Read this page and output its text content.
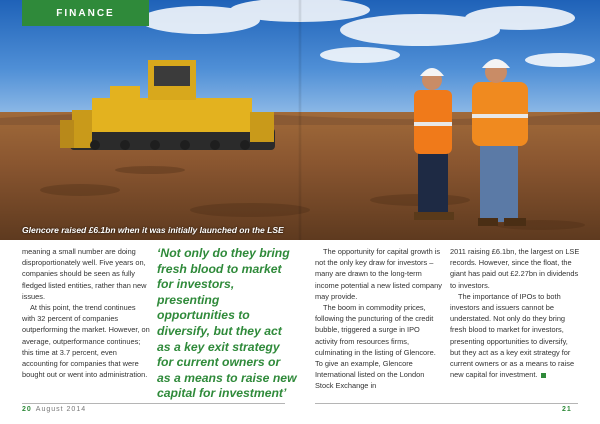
FINANCE
Glencore raised £6.1bn when it was initially launched on the LSE

meaning a small number are doing disproportionately well. Five years on, companies should be seen as fully fledged listed entities, rather than new issues.

At this point, the trend continues with 32 percent of companies outperforming the market. However, on average, outperformance continues; this time at 3.7 percent, even accounting for companies that were bought out or went into administration.

‘Not only do they bring fresh blood to market for investors, presenting opportunities to diversify, but they act as a key exit strategy for current owners or as a means to raise new capital for investment’

The opportunity for capital growth is not the only key draw for investors – many are drawn to the long-term income potential a new listed company may provide.

The boom in commodity prices, following the puncturing of the credit bubble, triggered a surge in IPO activity from resources firms, culminating in the listing of Glencore. To give an example, Glencore International listed on the London Stock Exchange in

2011 raising £6.1bn, the largest on LSE records. However, since the float, the giant has paid out £2.27bn in dividends to investors.

The importance of IPOs to both investors and issuers cannot be understated. Not only do they bring fresh blood to market for investors, presenting opportunities to diversify, but they act as a key exit strategy for current owners or as a means to raise new capital for investment.

20 August 2014	21
